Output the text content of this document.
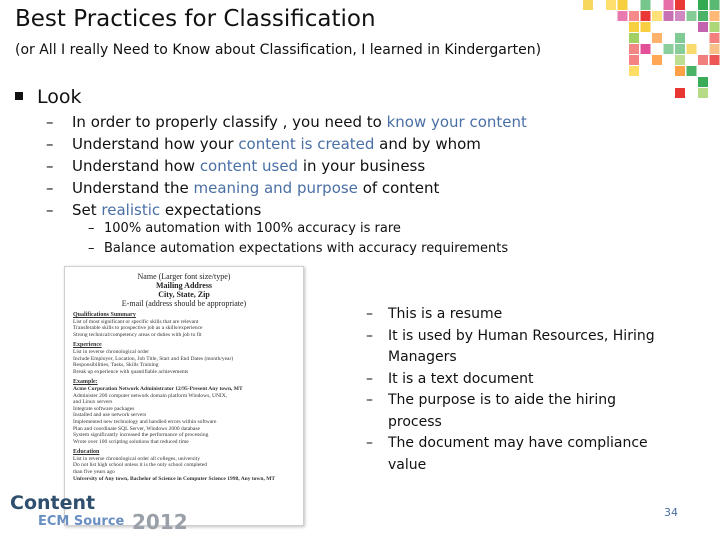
Best Practices for Classification
(or All I really Need to Know about Classification, I learned in Kindergarten)
Look
– In order to properly classify , you need to know your content
– Understand how your content is created and by whom
– Understand how content used in your business
– Understand the meaning and purpose of content
– Set realistic expectations
– 100% automation with 100% accuracy is rare
– Balance automation expectations with accuracy requirements
Name (Larger font size/type)
Mailing Address
City, State, Zip
E-mail (address should be appropriate)
Qualifications Summary
List of most significant or specific skills that are relevant
Transferable skills to prospective job as a skills/experience
Strong technical/competency areas or duties with job to fit
Experience
List in reverse chronological order
Include Employer, Location, Job Title, Start and End Dates (month/year)
Responsibilities, Tasks, Skills Training
Break up experience with quantifiable achievements
Example:
Acme Corporation Network Administrator 12/95-Present Any town, MT
Administer 200 computer network domain platform Windows, UNIX,
and Linux servers
Integrate software packages
Installed and use network servers
Implemented new technology and handled errors within software
Plan and coordinate SQL Server, Windows 2000 database
System significantly increased the performance of processing
Wrote over 100 scripting solutions that reduced time
Education
List in reverse chronological order all colleges, university
Do not list high school unless it is the only school completed
than five years ago
University of Any town, Bachelor of Science in Computer Science 1998, Any town, MT
–	This is a resume
–	It is used by Human Resources, Hiring Managers
–	It is a text document
–	The purpose is to aide the hiring process
–	The document may have compliance value
Content
ECM Source 2012	34
